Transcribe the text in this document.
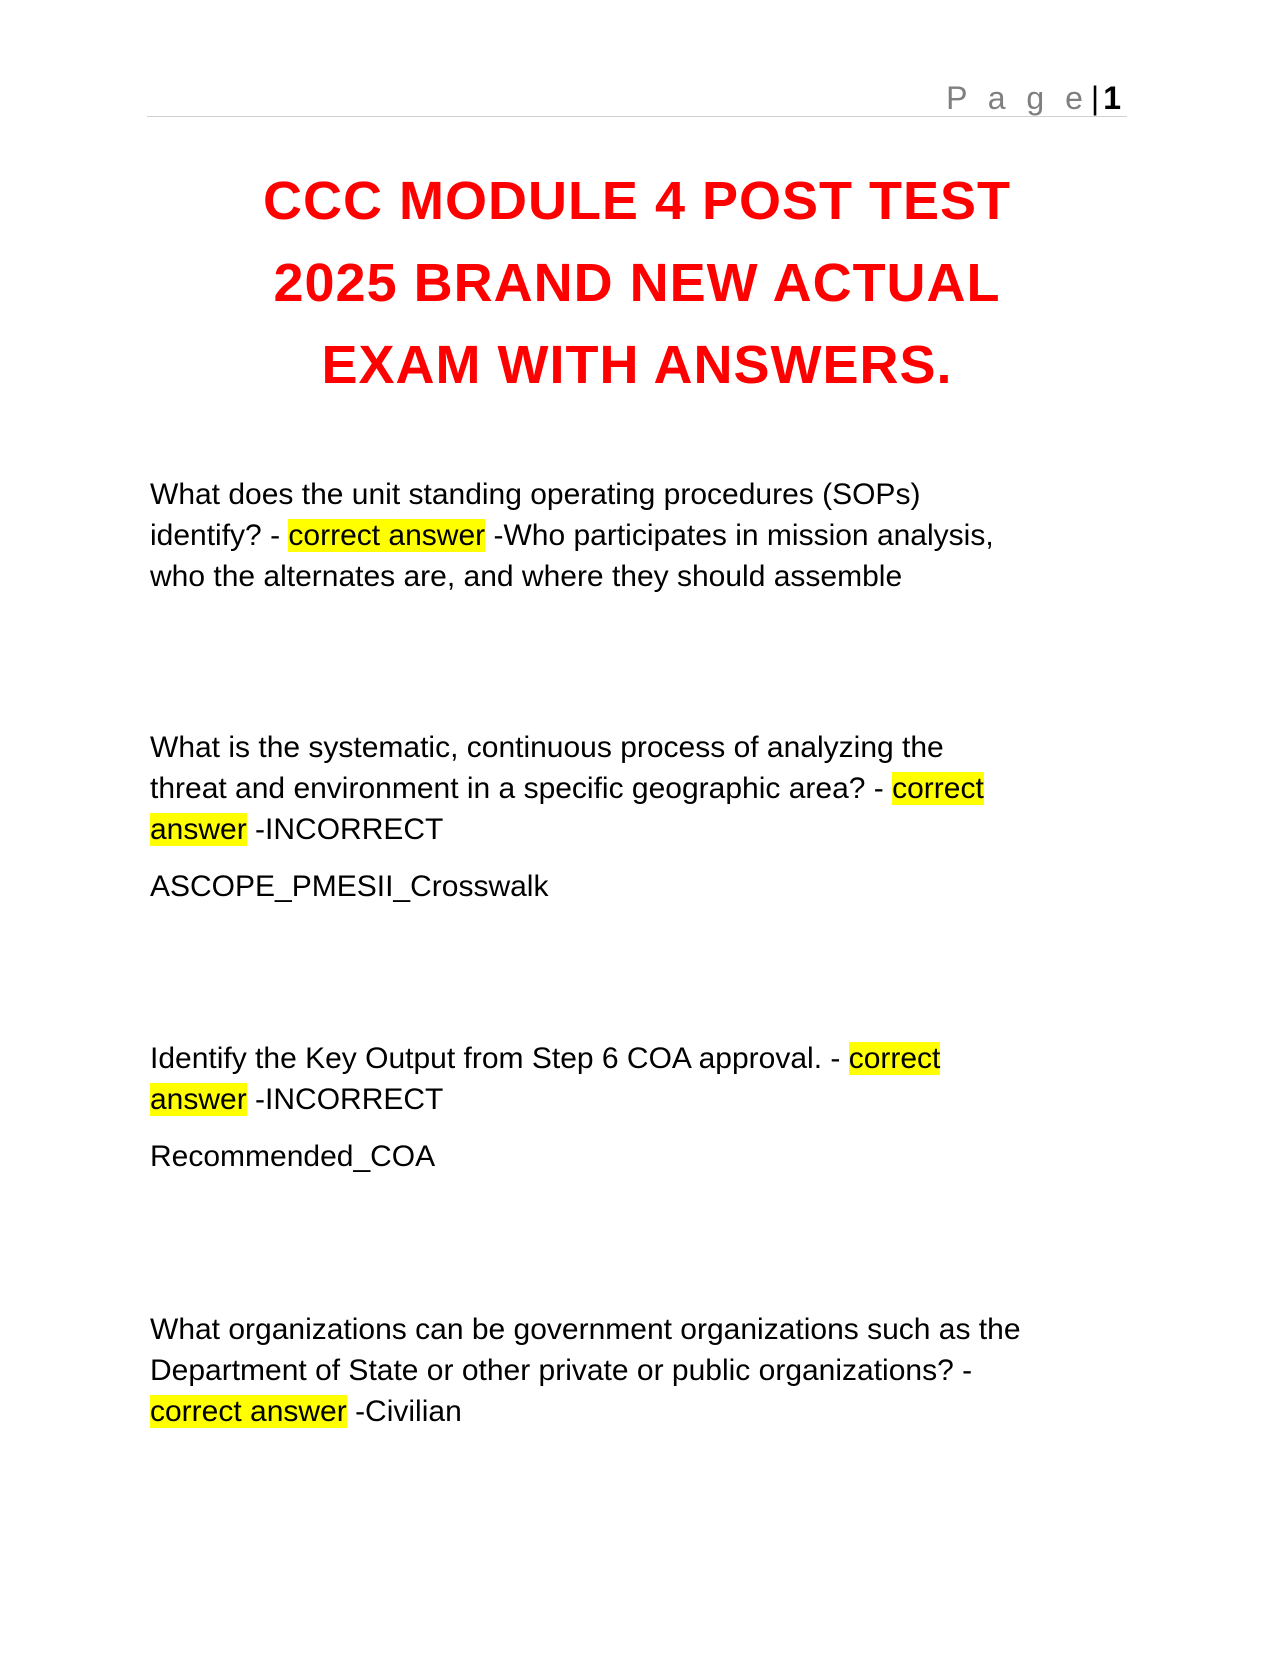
P a g e| 1
CCC MODULE 4 POST TEST
2025 BRAND NEW ACTUAL
EXAM WITH ANSWERS.

What does the unit standing operating procedures (SOPs)

identify? - correct answer -Who participates in mission analysis,

who the alternates are, and where they should assemble

What is the systematic, continuous process of analyzing the

threat and environment in a specific geographic area? - correct

answer -INCORRECT

ASCOPE_PMESII_Crosswalk

Identify the Key Output from Step 6 COA approval. - correct

answer -INCORRECT

Recommended_COA

What organizations can be government organizations such as the

Department of State or other private or public organizations? -

correct answer -Civilian
